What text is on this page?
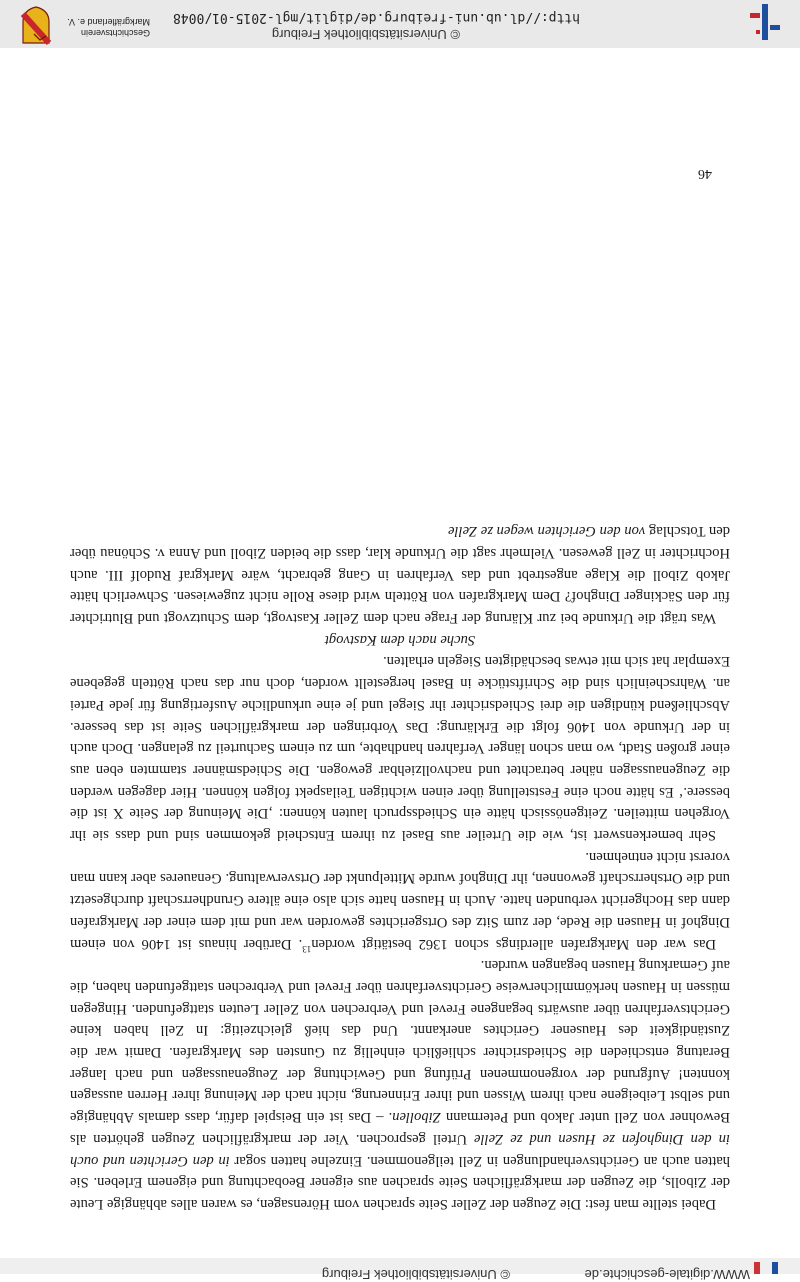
WWW.digitale-geschichte.de
© Universitätsbibliothek Freiburg

Dabei stellte man fest: Die Zeugen der Zeller Seite sprachen vom Hörensagen, es waren alles abhängige Leute der Zibolls, die Zeugen der markgräflichen Seite sprachen aus eigener Beobachtung und eigenem Erleben. Sie hatten auch an Gerichtsverhandlungen in Zell teilgenommen. Einzelne hatten sogar in den Gerichten und ouch in den Dinghofen ze Husen und ze Zelle Urteil gesprochen. Vier der markgräflichen Zeugen gehörten als Bewohner von Zell unter Jakob und Petermann Zibollen. – Das ist ein Beispiel dafür, dass damals Abhängige und selbst Leibeigene nach ihrem Wissen und ihrer Erinnerung, nicht nach der Meinung ihrer Herren aussagen konnten! Aufgrund der vorgenommenen Prüfung und Gewichtung der Zeugenaussagen und nach langer Beratung entschieden die Schiedsrichter schließlich einhellig zu Gunsten des Markgrafen. Damit war die Zuständigkeit des Hausener Gerichtes anerkannt. Und das hieß gleichzeitig: In Zell haben keine Gerichtsverfahren über auswärts begangene Frevel und Verbrechen von Zeller Leuten stattgefunden. Hingegen müssen in Hausen herkömmlicherweise Gerichtsverfahren über Frevel und Verbrechen stattgefunden haben, die auf Gemarkung Hausen begangen wurden.

Das war den Markgrafen allerdings schon 1362 bestätigt worden$^{13}$. Darüber hinaus ist 1406 von einem Dinghof in Hausen die Rede, der zum Sitz des Ortsgerichtes geworden war und mit dem einer der Markgrafen dann das Hochgericht verbunden hatte. Auch in Hausen hatte sich also eine ältere Grundherrschaft durchgesetzt und die Ortsherrschaft gewonnen, ihr Dinghof wurde Mittelpunkt der Ortsverwaltung. Genaueres aber kann man vorerst nicht entnehmen.

Sehr bemerkenswert ist, wie die Urteiler aus Basel zu ihrem Entscheid gekommen sind und dass sie ihr Vorgehen mitteilen. Zeitgenössisch hätte ein Schiedsspruch lauten können: ‚Die Meinung der Seite X ist die bessere.‘ Es hätte noch eine Feststellung über einen wichtigen Teilaspekt folgen können. Hier dagegen werden die Zeugenaussagen näher betrachtet und nachvollziehbar gewogen. Die Schiedsmänner stammten eben aus einer großen Stadt, wo man schon länger Verfahren handhabte, um zu einem Sachurteil zu gelangen. Doch auch in der Urkunde von 1406 folgt die Erklärung: Das Vorbringen der markgräflichen Seite ist das bessere. Abschließend kündigen die drei Schiedsrichter ihr Siegel und je eine urkundliche Ausfertigung für jede Partei an. Wahrscheinlich sind die Schriftstücke in Basel hergestellt worden, doch nur das nach Rötteln gegebene Exemplar hat sich mit etwas beschädigten Siegeln erhalten.

Suche nach dem Kastvogt

Was trägt die Urkunde bei zur Klärung der Frage nach dem Zeller Kastvogt, dem Schutzvogt und Blutrichter für den Säckinger Dinghof? Dem Markgrafen von Rötteln wird diese Rolle nicht zugewiesen. Schwerlich hätte Jakob Ziboll die Klage angestrebt und das Verfahren in Gang gebracht, wäre Markgraf Rudolf III. auch Hochrichter in Zell gewesen. Vielmehr sagt die Urkunde klar, dass die beiden Ziboll und Anna v. Schönau über den Totschlag von den Gerichten wegen ze Zelle

46
© Universitätsbibliothek Freiburg
http://dl.ub.uni-freiburg.de/diglit/mgl-2015-01/0048
Geschichtsverein
Markgräflerland e. V.
